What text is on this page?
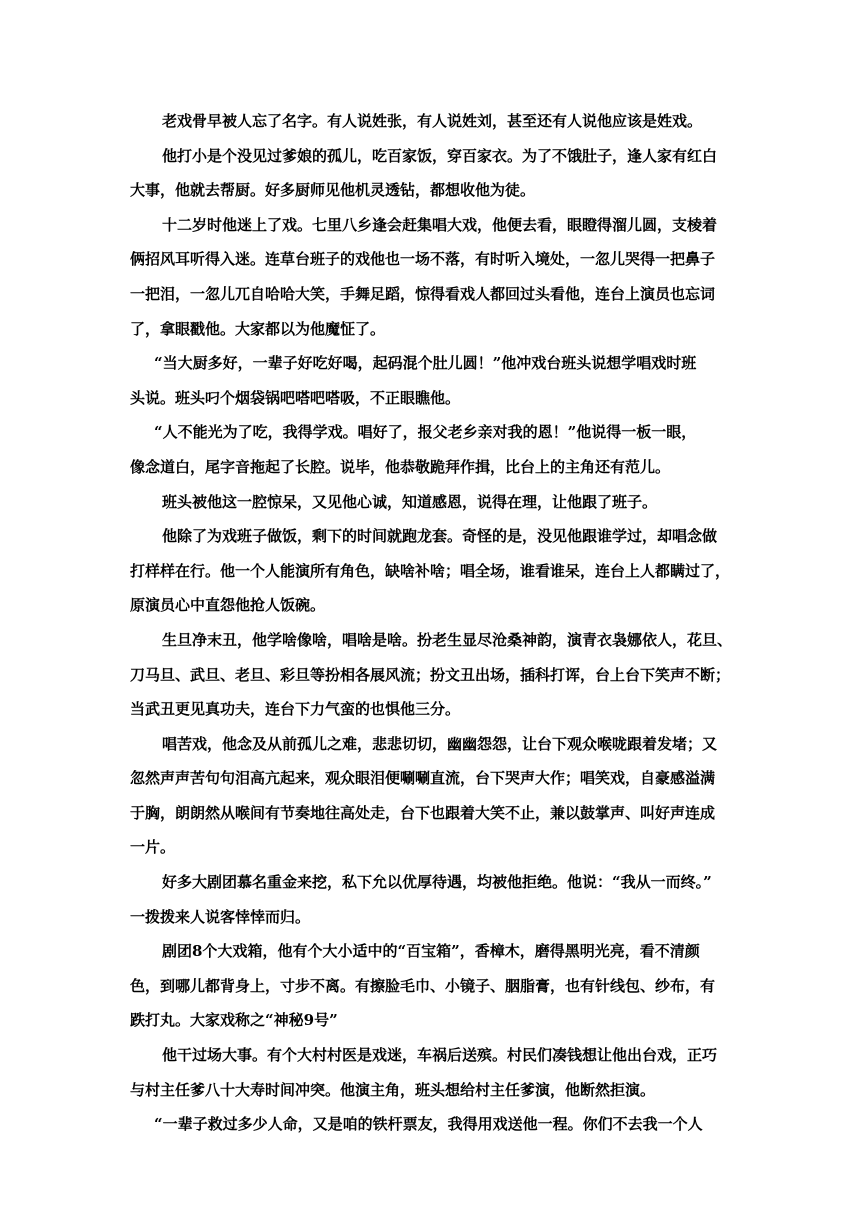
老戏骨早被人忘了名字。有人说姓张，有人说姓刘，甚至还有人说他应该是姓戏。

他打小是个没见过爹娘的孤儿，吃百家饭，穿百家衣。为了不饿肚子，逢人家有红白
大事，他就去帮厨。好多厨师见他机灵透钻，都想收他为徒。

十二岁时他迷上了戏。七里八乡逢会赶集唱大戏，他便去看，眼瞪得溜儿圆，支棱着
俩招风耳听得入迷。连草台班子的戏他也一场不落，有时听入境处，一忽儿哭得一把鼻子
一把泪，一忽儿兀自哈哈大笑，手舞足蹈，惊得看戏人都回过头看他，连台上演员也忘词
了，拿眼戳他。大家都以为他魔怔了。

“当大厨多好，一辈子好吃好喝，起码混个肚儿圆！”他冲戏台班头说想学唱戏时班
头说。班头叼个烟袋锅吧嗒吧嗒吸，不正眼瞧他。

“人不能光为了吃，我得学戏。唱好了，报父老乡亲对我的恩！”他说得一板一眼，
像念道白，尾字音拖起了长腔。说毕，他恭敬跪拜作揖，比台上的主角还有范儿。

班头被他这一腔惊呆，又见他心诚，知道感恩，说得在理，让他跟了班子。

他除了为戏班子做饭，剩下的时间就跑龙套。奇怪的是，没见他跟谁学过，却唱念做
打样样在行。他一个人能演所有角色，缺啥补啥；唱全场，谁看谁呆，连台上人都瞒过了，
原演员心中直怨他抢人饭碗。

生旦净末丑，他学啥像啥，唱啥是啥。扮老生显尽沧桑神韵，演青衣袅娜依人，花旦、
刀马旦、武旦、老旦、彩旦等扮相各展风流；扮文丑出场，插科打诨，台上台下笑声不断；
当武丑更见真功夫，连台下力气蛮的也惧他三分。

唱苦戏，他念及从前孤儿之难，悲悲切切，幽幽怨怨，让台下观众喉咙跟着发堵；又
忽然声声苦句句泪高亢起来，观众眼泪便唰唰直流，台下哭声大作；唱笑戏，自豪感溢满
于胸，朗朗然从喉间有节奏地往高处走，台下也跟着大笑不止，兼以鼓掌声、叫好声连成
一片。

好多大剧团慕名重金来挖，私下允以优厚待遇，均被他拒绝。他说：“我从一而终。”
一拨拨来人说客悻悻而归。

剧团8个大戏箱，他有个大小适中的“百宝箱”，香樟木，磨得黑明光亮，看不清颜
色，到哪儿都背身上，寸步不离。有擦脸毛巾、小镜子、胭脂膏，也有针线包、纱布，有
跌打丸。大家戏称之“神秘9号”

他干过场大事。有个大村村医是戏迷，车祸后送殡。村民们凑钱想让他出台戏，正巧
与村主任爹八十大寿时间冲突。他演主角，班头想给村主任爹演，他断然拒演。

“一辈子救过多少人命，又是咱的铁杆票友，我得用戏送他一程。你们不去我一个人
